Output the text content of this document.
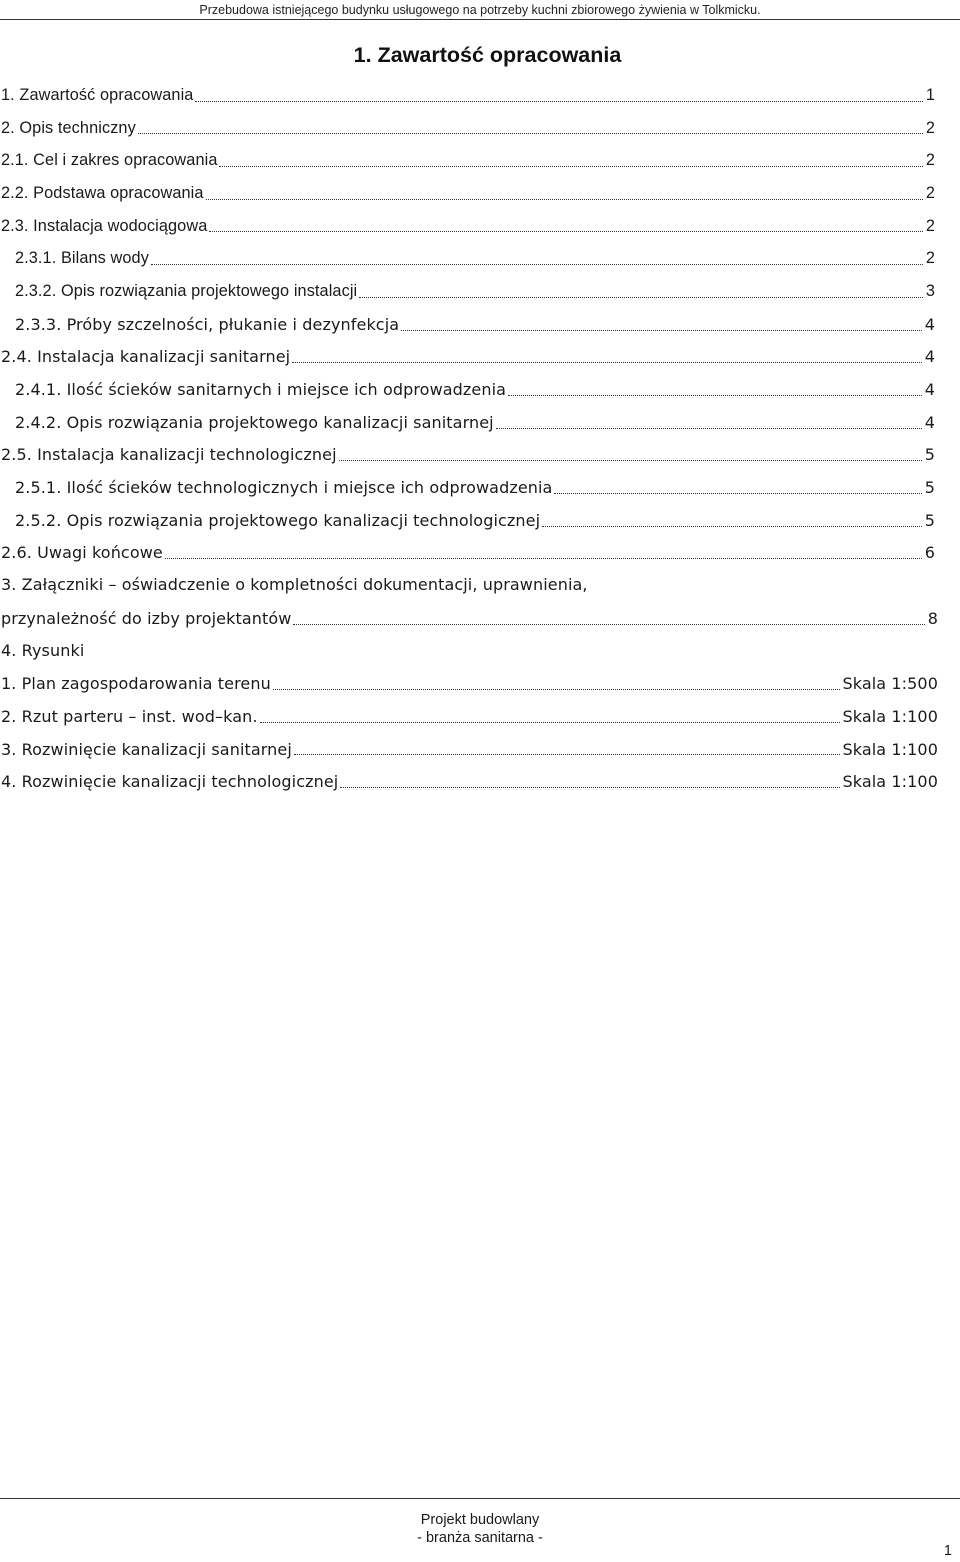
Przebudowa istniejącego budynku usługowego na potrzeby kuchni zbiorowego żywienia w Tolkmicku.
1. Zawartość opracowania
1. Zawartość opracowania	1
2. Opis techniczny	2
2.1. Cel i zakres opracowania	2
2.2. Podstawa opracowania	2
2.3. Instalacja wodociągowa	2
2.3.1. Bilans wody	2
2.3.2. Opis rozwiązania projektowego instalacji	3
2.3.3. Próby szczelności, płukanie i dezynfekcja	4
2.4. Instalacja kanalizacji sanitarnej	4
2.4.1. Ilość ścieków sanitarnych i miejsce ich odprowadzenia	4
2.4.2. Opis rozwiązania projektowego kanalizacji sanitarnej	4
2.5. Instalacja kanalizacji technologicznej	5
2.5.1. Ilość ścieków technologicznych i miejsce ich odprowadzenia	5
2.5.2. Opis rozwiązania projektowego kanalizacji technologicznej	5
2.6. Uwagi końcowe	6
3. Załączniki – oświadczenie o kompletności dokumentacji, uprawnienia,
przynależność do izby projektantów	8
4. Rysunki
1. Plan zagospodarowania terenu	Skala 1:500
2. Rzut parteru – inst. wod–kan.	Skala 1:100
3. Rozwinięcie kanalizacji sanitarnej	Skala 1:100
4. Rozwinięcie kanalizacji technologicznej	Skala 1:100
Projekt budowlany
- branża sanitarna -
1
